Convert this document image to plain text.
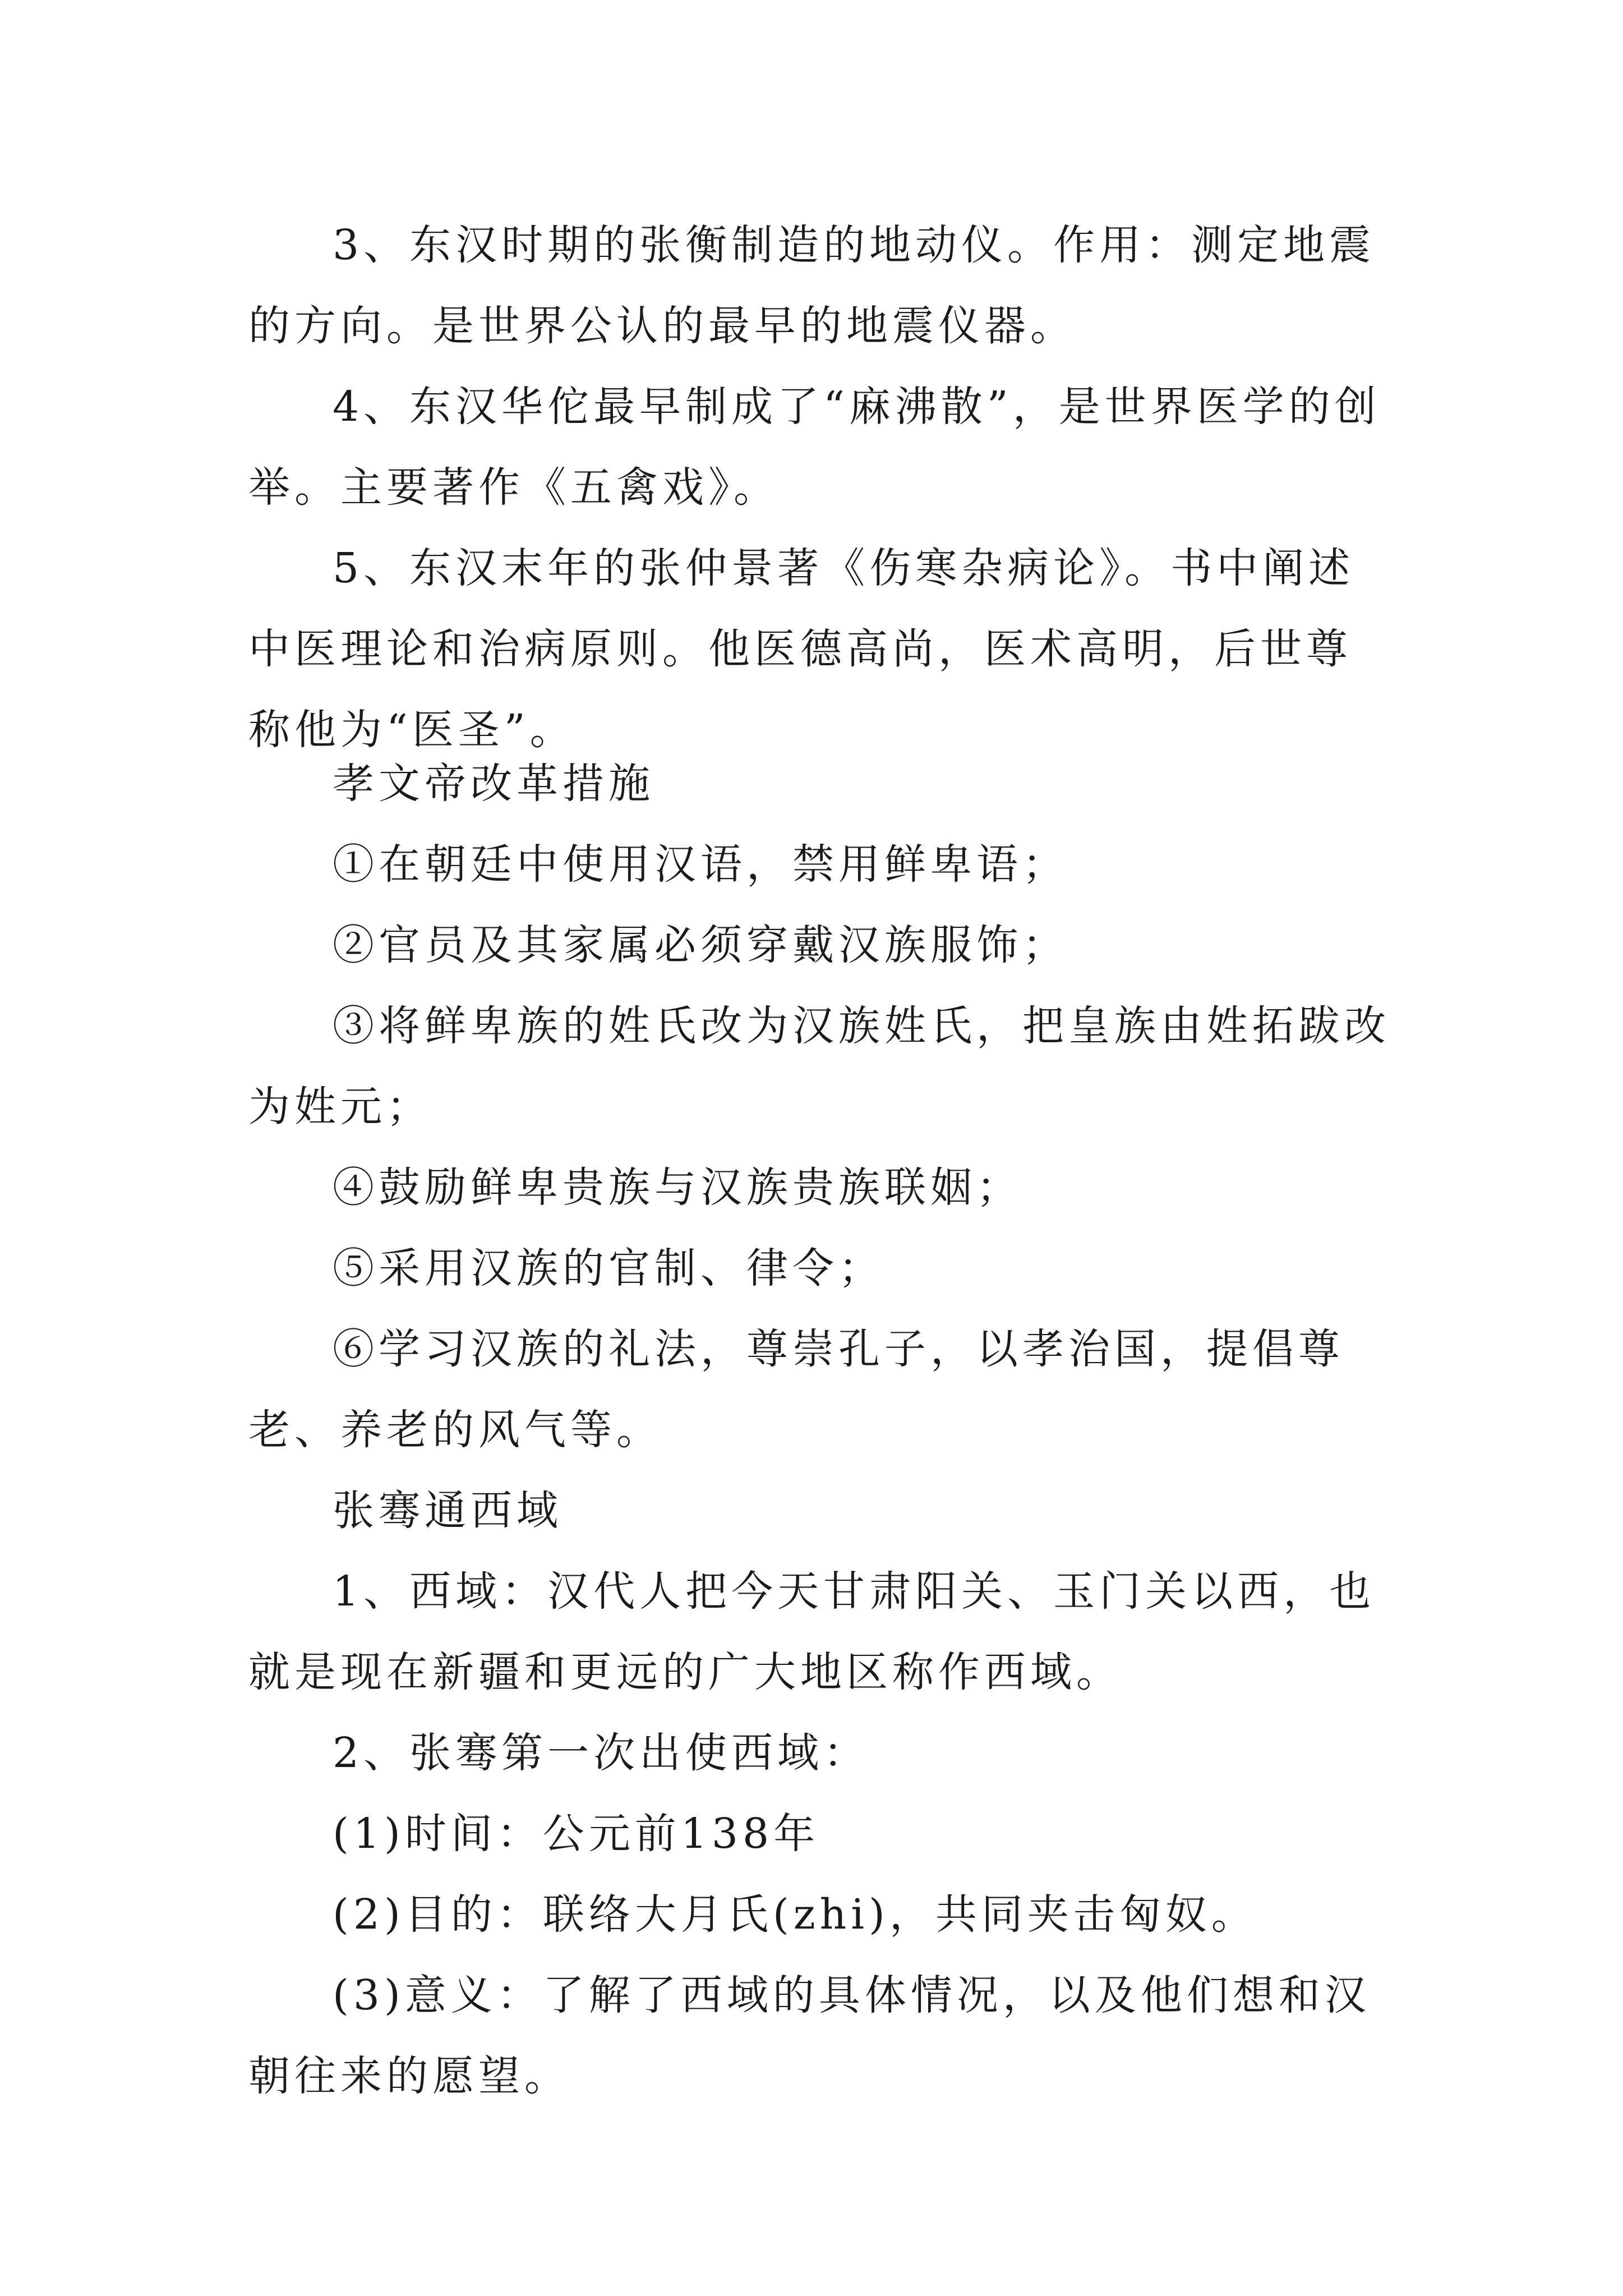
3、东汉时期的张衡制造的地动仪。作用：测定地震的方向。是世界公认的最早的地震仪器。
4、东汉华佗最早制成了“麻沸散”，是世界医学的创举。主要著作《五禽戏》。
5、东汉末年的张仲景著《伤寒杂病论》。书中阐述中医理论和治病原则。他医德高尚，医术高明，后世尊称他为“医圣”。
孝文帝改革措施
①在朝廷中使用汉语，禁用鲜卑语；
②官员及其家属必须穿戴汉族服饰；
③将鲜卑族的姓氏改为汉族姓氏，把皇族由姓拓跋改为姓元；
④鼓励鲜卑贵族与汉族贵族联姻；
⑤采用汉族的官制、律令；
⑥学习汉族的礼法，尊崇孔子，以孝治国，提倡尊老、养老的风气等。
张骞通西域
1、西域：汉代人把今天甘肃阳关、玉门关以西，也就是现在新疆和更远的广大地区称作西域。
2、张骞第一次出使西域：
(1)时间：公元前138年
(2)目的：联络大月氏(zhi)，共同夹击匈奴。
(3)意义：了解了西域的具体情况，以及他们想和汉朝往来的愿望。
